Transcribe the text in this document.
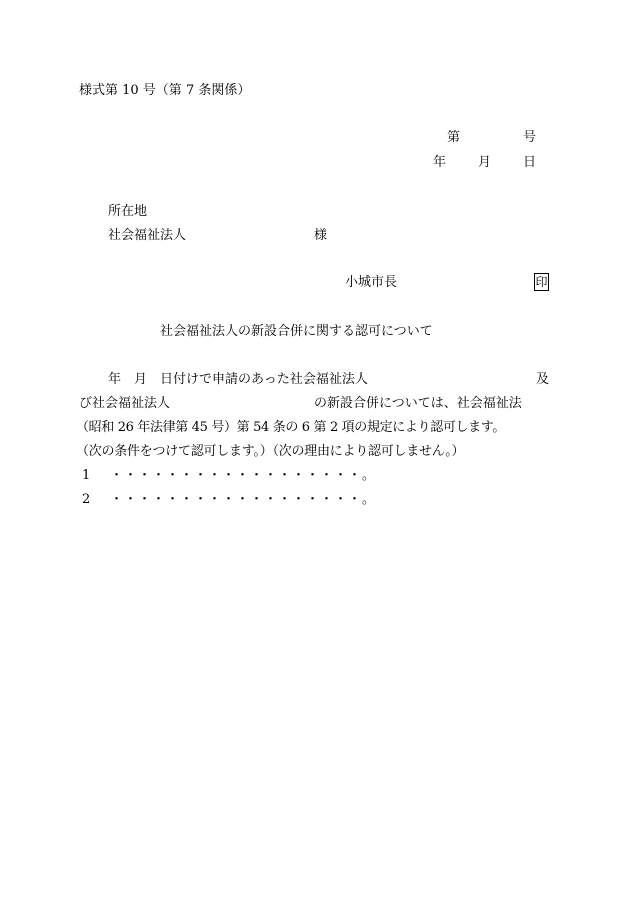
様式第 10 号（第 7 条関係）
第	号
年 月 日
所在地
社会福祉法人	様
小城市長	印
社会福祉法人の新設合併に関する認可について
年　月　日付けで申請のあった社会福祉法人	及
び社会福祉法人	の新設合併については、社会福祉法
（昭和 26 年法律第 45 号）第 54 条の 6 第 2 項の規定により認可します。
（次の条件をつけて認可します。）（次の理由により認可しません。）
1 ・・・・・・・・・・・・・・・・・・。
2 ・・・・・・・・・・・・・・・・・・。
